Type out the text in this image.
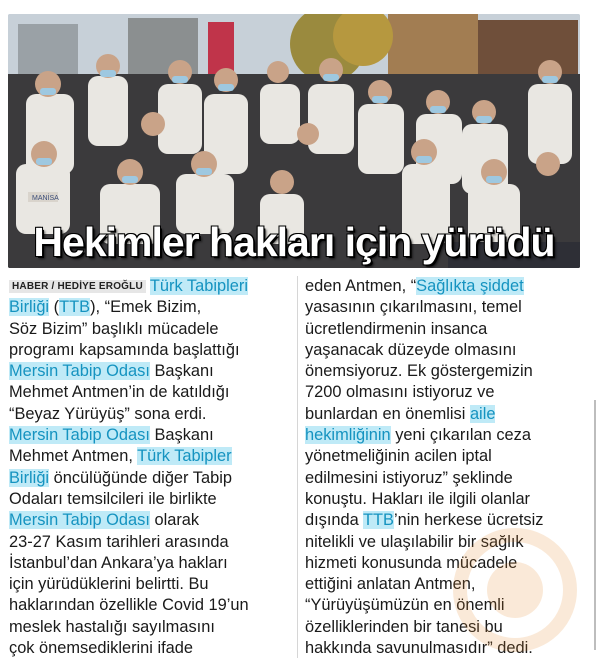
MANİSA
Hekimler hakları için yürüdü
HABER / HEDİYE EROĞLU Türk Tabipleri
Birliği (TTB), “Emek Bizim,
Söz Bizim” başlıklı mücadele
programı kapsamında başlattığı
Mersin Tabip Odası Başkanı
Mehmet Antmen’in de katıldığı
“Beyaz Yürüyüş” sona erdi.
Mersin Tabip Odası Başkanı
Mehmet Antmen, Türk Tabipler
Birliği öncülüğünde diğer Tabip
Odaları temsilcileri ile birlikte
Mersin Tabip Odası olarak
23-27 Kasım tarihleri arasında
İstanbul’dan Ankara’ya hakları
için yürüdüklerini belirtti. Bu
haklarından özellikle Covid 19’un
meslek hastalığı sayılmasını
çok önemsediklerini ifade
eden Antmen, “Sağlıkta şiddet
yasasının çıkarılmasını, temel
ücretlendirmenin insanca
yaşanacak düzeyde olmasını
önemsiyoruz. Ek göstergemizin
7200 olmasını istiyoruz ve
bunlardan en önemlisi aile
hekimliğinin yeni çıkarılan ceza
yönetmeliğinin acilen iptal
edilmesini istiyoruz” şeklinde
konuştu. Hakları ile ilgili olanlar
dışında TTB’nin herkese ücretsiz
nitelikli ve ulaşılabilir bir sağlık
hizmeti konusunda mücadele
ettiğini anlatan Antmen,
“Yürüyüşümüzün en önemli
özelliklerinden bir tanesi bu
hakkında savunulmasıdır” dedi.
